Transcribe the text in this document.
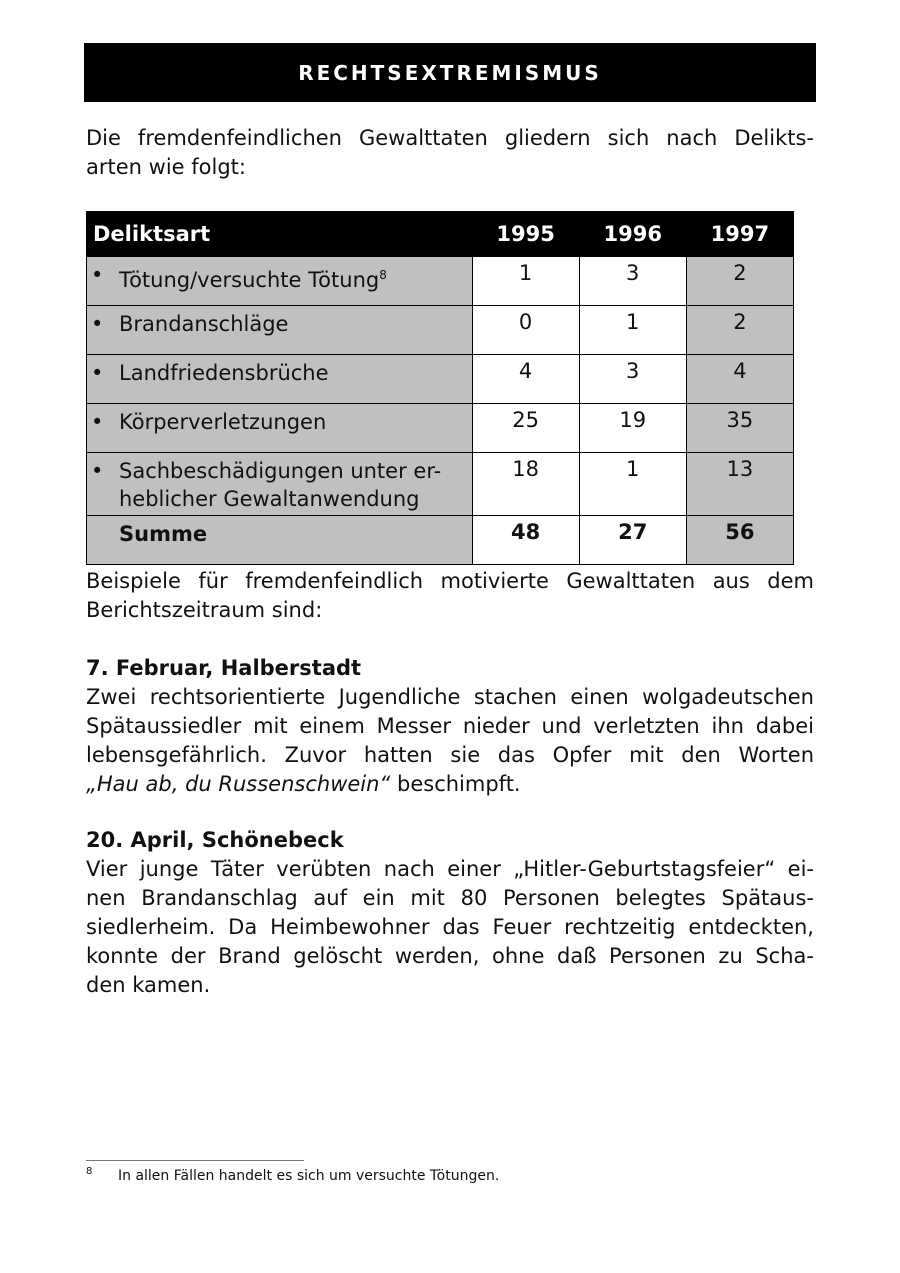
RECHTSEXTREMISMUS

Die fremdenfeindlichen Gewalttaten gliedern sich nach Delikts-
arten wie folgt:

Deliktsart	1995	1996	1997

• Tötung/versuchte Tötung$^8$	1	3	2

• Brandanschläge	0	1	2

• Landfriedensbrüche	4	3	4

• Körperverletzungen	25	19	35

• Sachbeschädigungen unter er-
heblicher Gewaltanwendung	18	1	13

Summe	48	27	56

Beispiele für fremdenfeindlich motivierte Gewalttaten aus dem
Berichtszeitraum sind:

7. Februar, Halberstadt

Zwei rechtsorientierte Jugendliche stachen einen wolgadeutschen
Spätaussiedler mit einem Messer nieder und verletzten ihn dabei
lebensgefährlich. Zuvor hatten sie das Opfer mit den Worten
„Hau ab, du Russenschwein“ beschimpft.

20. April, Schönebeck

Vier junge Täter verübten nach einer „Hitler-Geburtstagsfeier“ ei-
nen Brandanschlag auf ein mit 80 Personen belegtes Spätaus-
siedlerheim. Da Heimbewohner das Feuer rechtzeitig entdeckten,
konnte der Brand gelöscht werden, ohne daß Personen zu Scha-
den kamen.

8 In allen Fällen handelt es sich um versuchte Tötungen.
